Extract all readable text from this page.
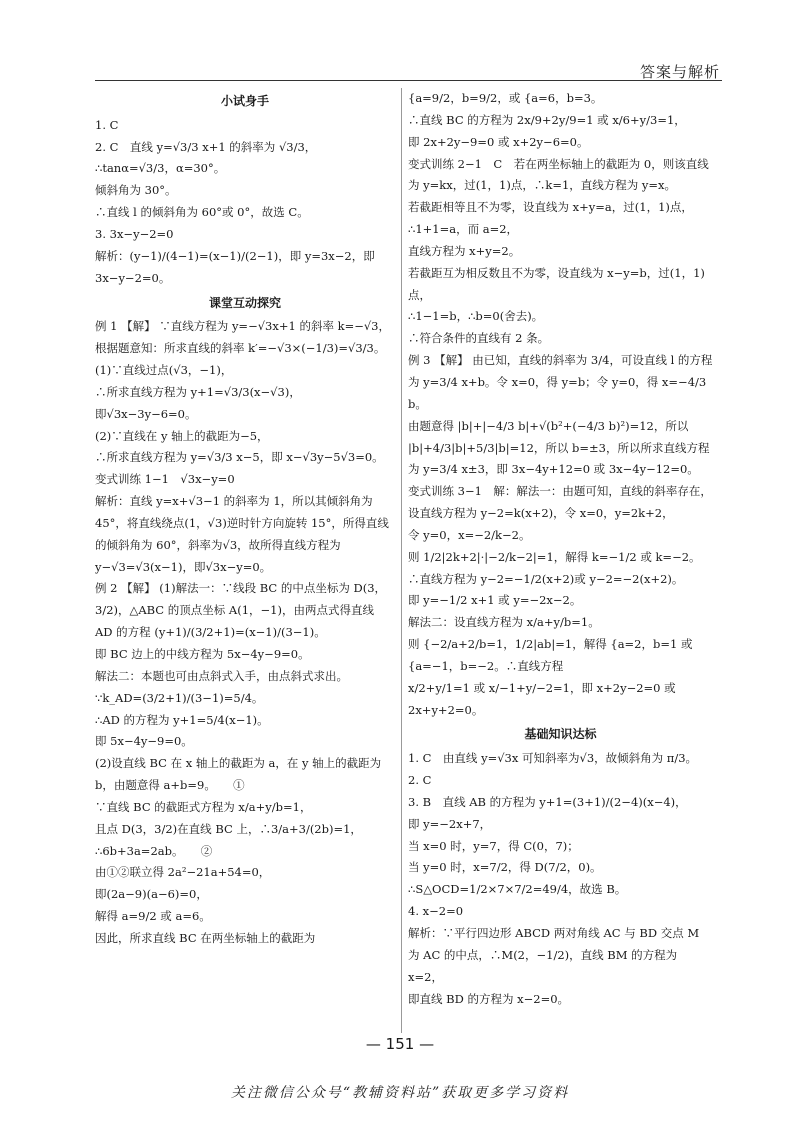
答案与解析
小试身手
1. C
2. C　直线 y=√3/3 x+1 的斜率为 √3/3，
∴tanα=√3/3，α=30°。
倾斜角为 30°。
∴直线 l 的倾斜角为 60°或 0°，故选 C。
3. 3x−y−2=0
解析：(y−1)/(4−1)=(x−1)/(2−1)，即 y=3x−2，即 3x−y−2=0。
课堂互动探究
例 1 【解】 ∵直线方程为 y=−√3x+1 的斜率 k=−√3，
根据题意知：所求直线的斜率 k′=−√3×(−1/3)=√3/3。
(1)∵直线过点(√3，−1)，
∴所求直线方程为 y+1=√3/3(x−√3)，
即√3x−3y−6=0。
(2)∵直线在 y 轴上的截距为−5，
∴所求直线方程为 y=√3/3 x−5，即 x−√3y−5√3=0。
变式训练 1−1　√3x−y=0
解析：直线 y=x+√3−1 的斜率为 1，所以其倾斜角为 45°，将直线绕点(1，√3)逆时针方向旋转 15°，所得直线的倾斜角为 60°，斜率为√3，故所得直线方程为 y−√3=√3(x−1)，即√3x−y=0。
例 2 【解】 (1)解法一：∵线段 BC 的中点坐标为 D(3，3/2)，△ABC 的顶点坐标 A(1，−1)，由两点式得直线
AD 的方程 (y+1)/(3/2+1)=(x−1)/(3−1)。
即 BC 边上的中线方程为 5x−4y−9=0。
解法二：本题也可由点斜式入手，由点斜式求出。
∵k_AD=(3/2+1)/(3−1)=5/4。
∴AD 的方程为 y+1=5/4(x−1)。
即 5x−4y−9=0。
(2)设直线 BC 在 x 轴上的截距为 a，在 y 轴上的截距为 b，由题意得 a+b=9。　　①
∵直线 BC 的截距式方程为 x/a+y/b=1，
且点 D(3，3/2)在直线 BC 上，∴3/a+3/(2b)=1，
∴6b+3a=2ab。　　②
由①②联立得 2a²−21a+54=0，
即(2a−9)(a−6)=0，
解得 a=9/2 或 a=6。
因此，所求直线 BC 在两坐标轴上的截距为
{a=9/2，b=9/2，或 {a=6，b=3。
∴直线 BC 的方程为 2x/9+2y/9=1 或 x/6+y/3=1，
即 2x+2y−9=0 或 x+2y−6=0。
变式训练 2−1　C　若在两坐标轴上的截距为 0，则该直线为 y=kx，过(1，1)点，∴k=1，直线方程为 y=x。
若截距相等且不为零，设直线为 x+y=a，过(1，1)点，
∴1+1=a，而 a=2，
直线方程为 x+y=2。
若截距互为相反数且不为零，设直线为 x−y=b，过(1，1)点，
∴1−1=b，∴b=0(舍去)。
∴符合条件的直线有 2 条。
例 3 【解】 由已知，直线的斜率为 3/4，可设直线 l 的方程为 y=3/4 x+b。令 x=0，得 y=b；令 y=0，得 x=−4/3 b。
由题意得 |b|+|−4/3 b|+√(b²+(−4/3 b)²)=12，所以 |b|+4/3|b|+5/3|b|=12，所以 b=±3，所以所求直线方程为 y=3/4 x±3，即 3x−4y+12=0 或 3x−4y−12=0。
变式训练 3−1　解：解法一：由题可知，直线的斜率存在，设直线方程为 y−2=k(x+2)，令 x=0，y=2k+2，
令 y=0，x=−2/k−2。
则 1/2|2k+2|·|−2/k−2|=1，解得 k=−1/2 或 k=−2。
∴直线方程为 y−2=−1/2(x+2)或 y−2=−2(x+2)。
即 y=−1/2 x+1 或 y=−2x−2。
解法二：设直线方程为 x/a+y/b=1。
则 {−2/a+2/b=1，1/2|ab|=1，解得 {a=2，b=1 或 {a=−1，b=−2。∴直线方程
x/2+y/1=1 或 x/−1+y/−2=1，即 x+2y−2=0 或 2x+y+2=0。
基础知识达标
1. C　由直线 y=√3x 可知斜率为√3，故倾斜角为 π/3。
2. C
3. B　直线 AB 的方程为 y+1=(3+1)/(2−4)(x−4)，
即 y=−2x+7，
当 x=0 时，y=7，得 C(0，7)；
当 y=0 时，x=7/2，得 D(7/2，0)。
∴S△OCD=1/2×7×7/2=49/4，故选 B。
4. x−2=0
解析：∵平行四边形 ABCD 两对角线 AC 与 BD 交点 M 为 AC 的中点，∴M(2，−1/2)，直线 BM 的方程为 x=2，
即直线 BD 的方程为 x−2=0。
— 151 —
关注微信公众号“教辅资料站”获取更多学习资料
